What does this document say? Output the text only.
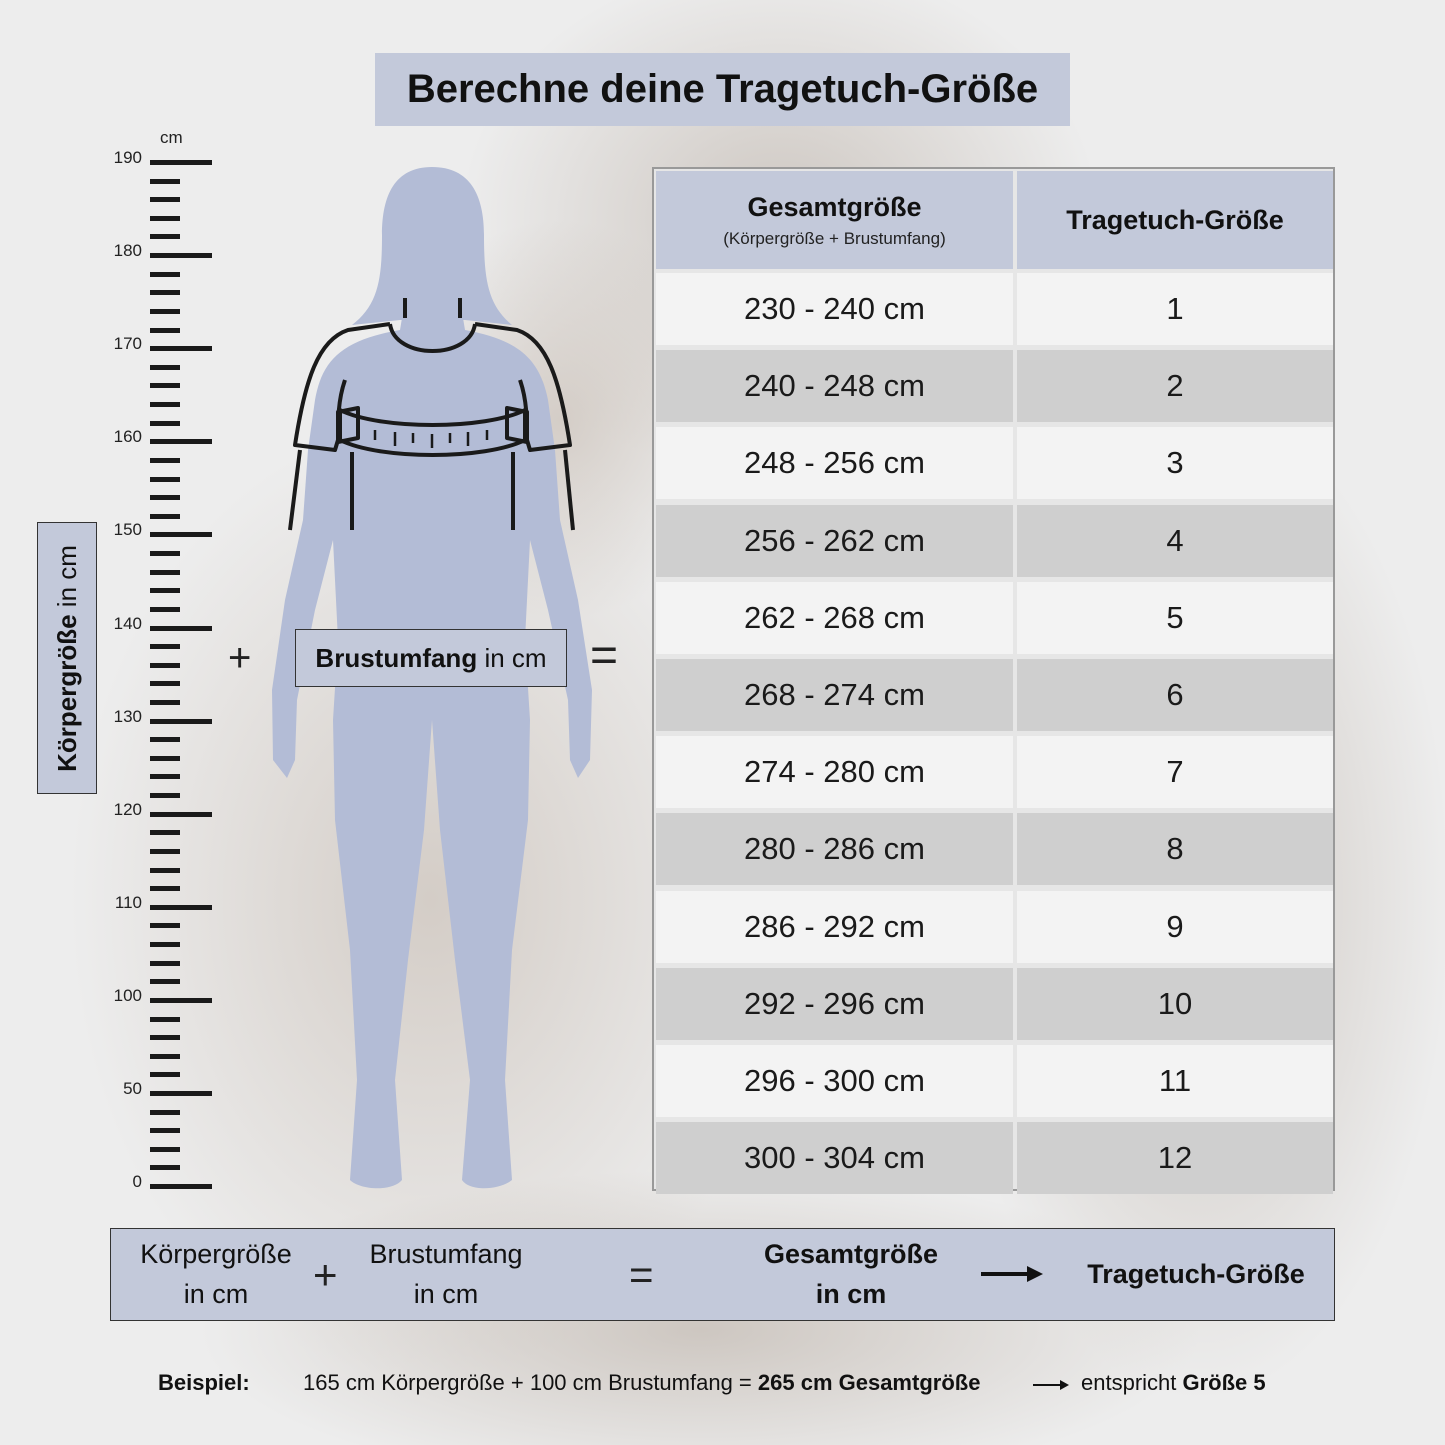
Berechne deine Tragetuch-Größe
cm
190
180
170
160
150
140
130
120
110
100
50
0
Körpergröße in cm
+ Brustumfang
in cm =
Gesamtgröße
(Körpergröße + Brustumfang)
Tragetuch-Größe
230 - 240 cm	1
240 - 248 cm	2
248 - 256 cm	3
256 - 262 cm	4
262 - 268 cm	5
268 - 274 cm	6
274 - 280 cm	7
280 - 286 cm	8
286 - 292 cm	9
292 - 296 cm	10
296 - 300 cm	11
300 - 304 cm	12
Körpergröße
in cm + Brustumfang
in cm	=	Gesamtgröße
in cm
Tragetuch-Größe
Beispiel: 165 cm Körpergröße + 100 cm Brustumfang = 265 cm Gesamtgröße	entspricht Größe 5
